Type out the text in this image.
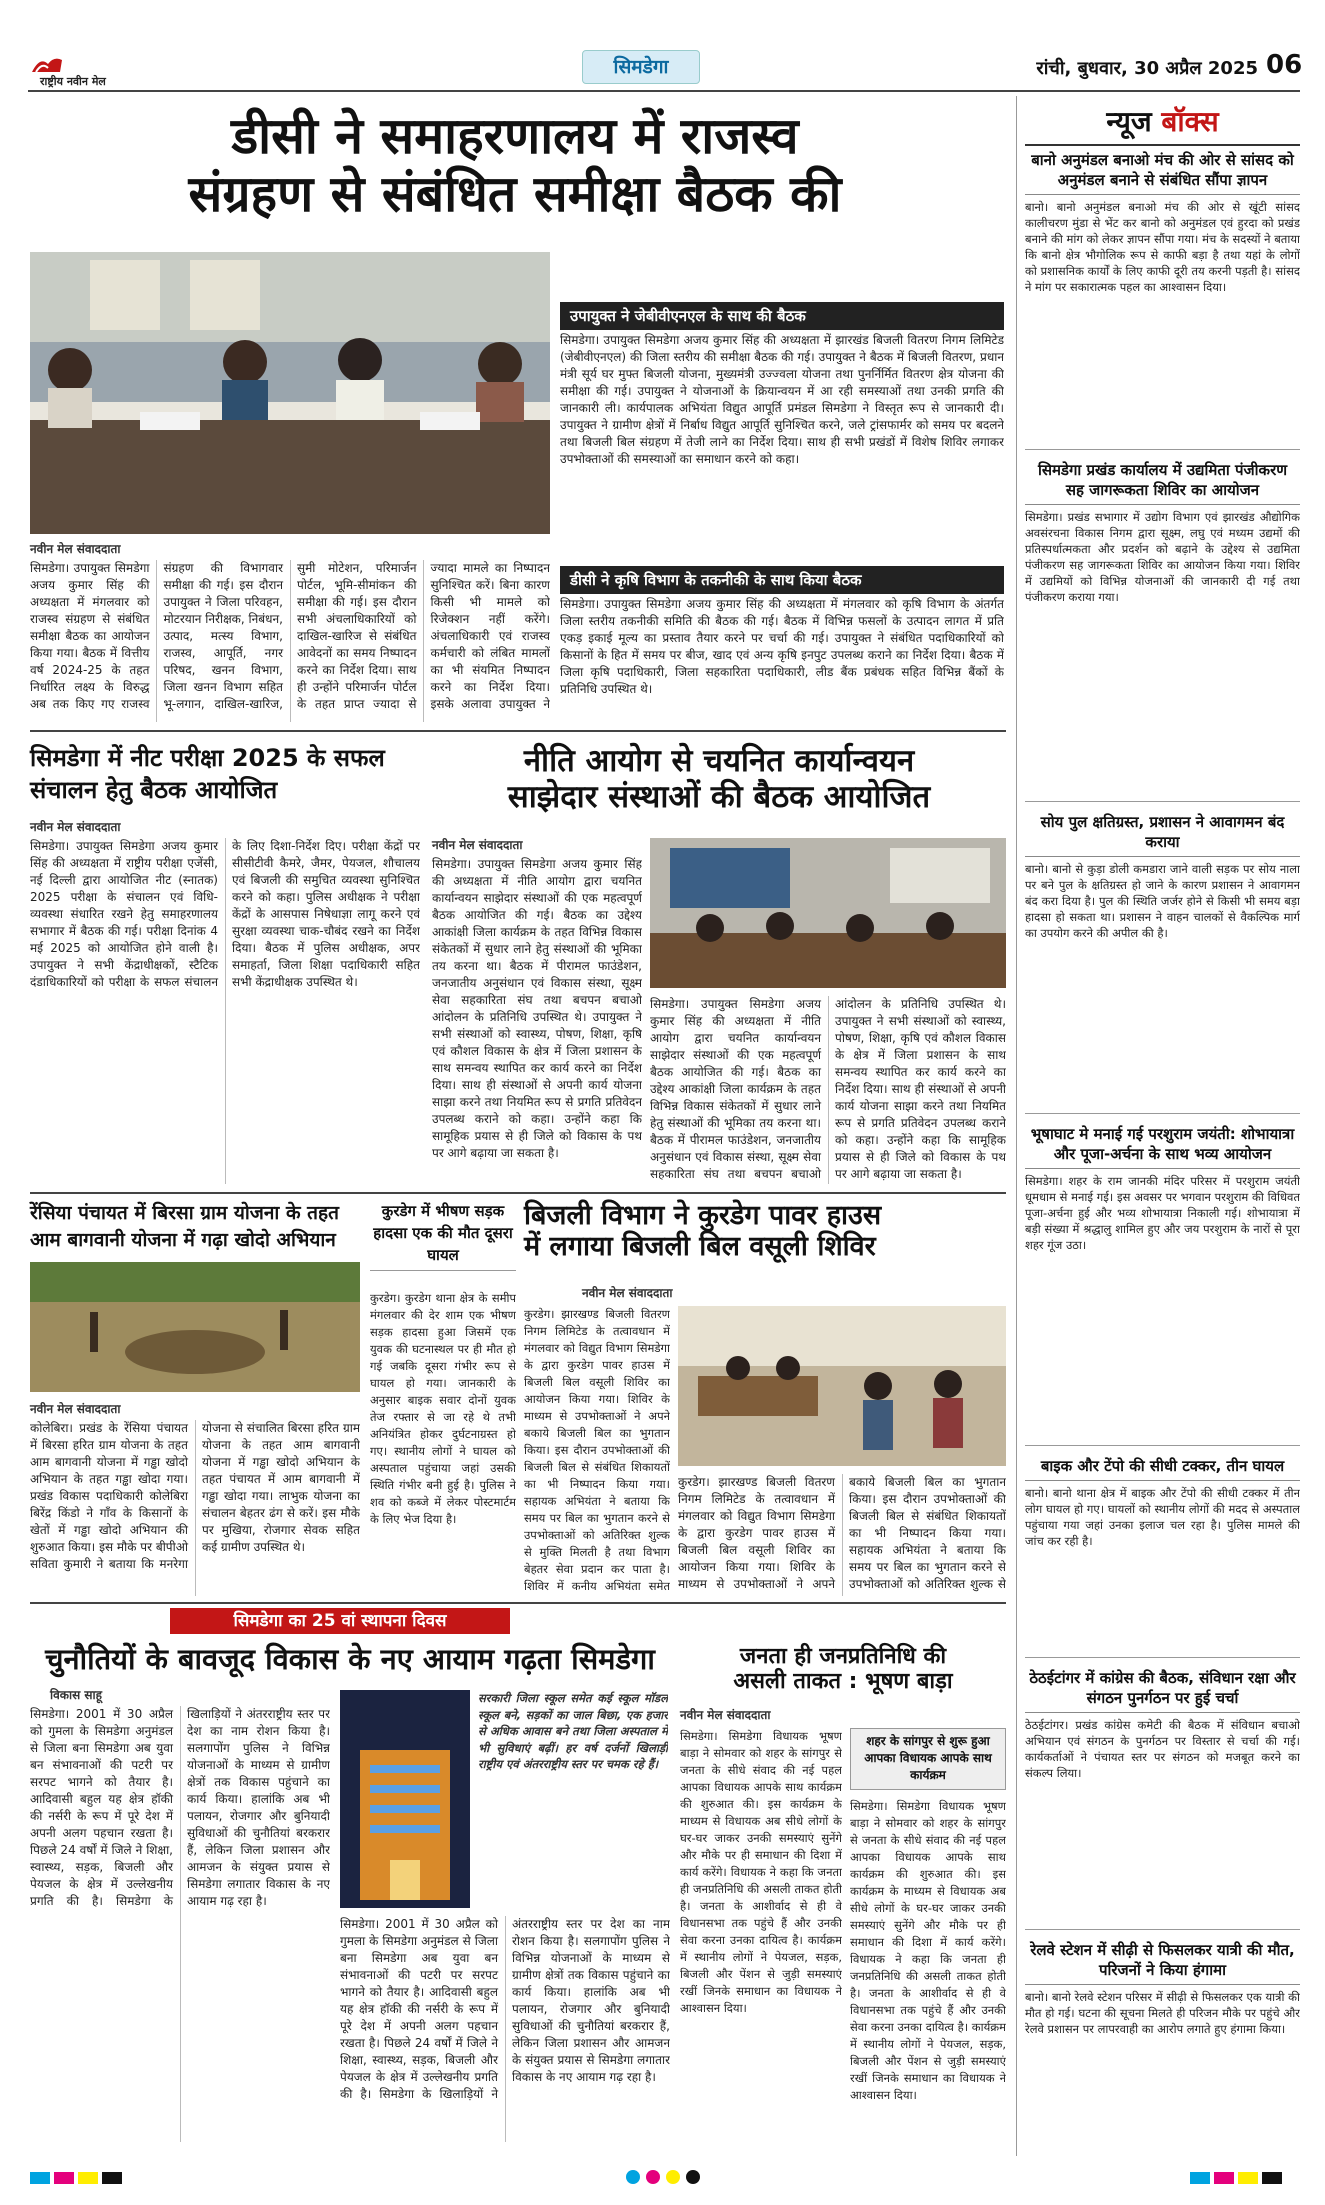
राष्ट्रीय नवीन मेल
सिमडेगा	रांची, बुधवार, 30 अप्रैल 2025 06
डीसी ने समाहरणालय में राजस्व
संग्रहण से संबंधित समीक्षा बैठक की
नवीन मेल संवाददाता
सिमडेगा। उपायुक्त सिमडेगा अजय कुमार सिंह की अध्यक्षता में मंगलवार को राजस्व संग्रहण से संबंधित समीक्षा बैठक का आयोजन किया गया। बैठक में वित्तीय वर्ष 2024-25 के तहत निर्धारित लक्ष्य के विरुद्ध अब तक किए गए राजस्व संग्रहण की विभागवार समीक्षा की गई। इस दौरान उपायुक्त ने जिला परिवहन, मोटरयान निरीक्षक, निबंधन, उत्पाद, मत्स्य विभाग, राजस्व, आपूर्ति, नगर परिषद, खनन विभाग, जिला खनन विभाग सहित भू-लगान, दाखिल-खारिज, सुमी मोटेशन, परिमार्जन पोर्टल, भूमि-सीमांकन की समीक्षा की गई। इस दौरान सभी अंचलाधिकारियों को दाखिल-खारिज से संबंधित आवेदनों का समय निष्पादन करने का निर्देश दिया। साथ ही उन्होंने परिमार्जन पोर्टल के तहत प्राप्त ज्यादा से ज्यादा मामले का निष्पादन सुनिश्चित करें। बिना कारण किसी भी मामले को रिजेक्शन नहीं करेंगे। अंचलाधिकारी एवं राजस्व कर्मचारी को लंबित मामलों का भी संयमित निष्पादन करने का निर्देश दिया। इसके अलावा उपायुक्त ने
उपायुक्त ने जेबीवीएनएल के साथ की बैठक
सिमडेगा। उपायुक्त सिमडेगा अजय कुमार सिंह की अध्यक्षता में झारखंड बिजली वितरण निगम लिमिटेड (जेबीवीएनएल) की जिला स्तरीय की समीक्षा बैठक की गई। उपायुक्त ने बैठक में बिजली वितरण, प्रधान मंत्री सूर्य घर मुफ्त बिजली योजना, मुख्यमंत्री उज्ज्वला योजना तथा पुनर्निर्मित वितरण क्षेत्र योजना की समीक्षा की गई। उपायुक्त ने योजनाओं के क्रियान्वयन में आ रही समस्याओं तथा उनकी प्रगति की जानकारी ली। कार्यपालक अभियंता विद्युत आपूर्ति प्रमंडल सिमडेगा ने विस्तृत रूप से जानकारी दी। उपायुक्त ने ग्रामीण क्षेत्रों में निर्बाध विद्युत आपूर्ति सुनिश्चित करने, जले ट्रांसफार्मर को समय पर बदलने तथा बिजली बिल संग्रहण में तेजी लाने का निर्देश दिया। साथ ही सभी प्रखंडों में विशेष शिविर लगाकर उपभोक्ताओं की समस्याओं का समाधान करने को कहा।
डीसी ने कृषि विभाग के तकनीकी के साथ किया बैठक
सिमडेगा। उपायुक्त सिमडेगा अजय कुमार सिंह की अध्यक्षता में मंगलवार को कृषि विभाग के अंतर्गत जिला स्तरीय तकनीकी समिति की बैठक की गई। बैठक में विभिन्न फसलों के उत्पादन लागत में प्रति एकड़ इकाई मूल्य का प्रस्ताव तैयार करने पर चर्चा की गई। उपायुक्त ने संबंधित पदाधिकारियों को किसानों के हित में समय पर बीज, खाद एवं अन्य कृषि इनपुट उपलब्ध कराने का निर्देश दिया। बैठक में जिला कृषि पदाधिकारी, जिला सहकारिता पदाधिकारी, लीड बैंक प्रबंधक सहित विभिन्न बैंकों के प्रतिनिधि उपस्थित थे।
सिमडेगा में नीट परीक्षा 2025 के सफल संचालन हेतु बैठक आयोजित
नवीन मेल संवाददाता
सिमडेगा। उपायुक्त सिमडेगा अजय कुमार सिंह की अध्यक्षता में राष्ट्रीय परीक्षा एजेंसी, नई दिल्ली द्वारा आयोजित नीट (स्नातक) 2025 परीक्षा के संचालन एवं विधि-व्यवस्था संधारित रखने हेतु समाहरणालय सभागार में बैठक की गई। परीक्षा दिनांक 4 मई 2025 को आयोजित होने वाली है। उपायुक्त ने सभी केंद्राधीक्षकों, स्टैटिक दंडाधिकारियों को परीक्षा के सफल संचालन के लिए दिशा-निर्देश दिए। परीक्षा केंद्रों पर सीसीटीवी कैमरे, जैमर, पेयजल, शौचालय एवं बिजली की समुचित व्यवस्था सुनिश्चित करने को कहा। पुलिस अधीक्षक ने परीक्षा केंद्रों के आसपास निषेधाज्ञा लागू करने एवं सुरक्षा व्यवस्था चाक-चौबंद रखने का निर्देश दिया। बैठक में पुलिस अधीक्षक, अपर समाहर्ता, जिला शिक्षा पदाधिकारी सहित सभी केंद्राधीक्षक उपस्थित थे।
नीति आयोग से चयनित कार्यान्वयन
साझेदार संस्थाओं की बैठक आयोजित
नवीन मेल संवाददाता
सिमडेगा। उपायुक्त सिमडेगा अजय कुमार सिंह की अध्यक्षता में नीति आयोग द्वारा चयनित कार्यान्वयन साझेदार संस्थाओं की एक महत्वपूर्ण बैठक आयोजित की गई। बैठक का उद्देश्य आकांक्षी जिला कार्यक्रम के तहत विभिन्न विकास संकेतकों में सुधार लाने हेतु संस्थाओं की भूमिका तय करना था। बैठक में पीरामल फाउंडेशन, जनजातीय अनुसंधान एवं विकास संस्था, सूक्ष्म सेवा सहकारिता संघ तथा बचपन बचाओ आंदोलन के प्रतिनिधि उपस्थित थे। उपायुक्त ने सभी संस्थाओं को स्वास्थ्य, पोषण, शिक्षा, कृषि एवं कौशल विकास के क्षेत्र में जिला प्रशासन के साथ समन्वय स्थापित कर कार्य करने का निर्देश दिया। साथ ही संस्थाओं से अपनी कार्य योजना साझा करने तथा नियमित रूप से प्रगति प्रतिवेदन उपलब्ध कराने को कहा। उन्होंने कहा कि सामूहिक प्रयास से ही जिले को विकास के पथ पर आगे बढ़ाया जा सकता है।
सिमडेगा। उपायुक्त सिमडेगा अजय कुमार सिंह की अध्यक्षता में नीति आयोग द्वारा चयनित कार्यान्वयन साझेदार संस्थाओं की एक महत्वपूर्ण बैठक आयोजित की गई। बैठक का उद्देश्य आकांक्षी जिला कार्यक्रम के तहत विभिन्न विकास संकेतकों में सुधार लाने हेतु संस्थाओं की भूमिका तय करना था। बैठक में पीरामल फाउंडेशन, जनजातीय अनुसंधान एवं विकास संस्था, सूक्ष्म सेवा सहकारिता संघ तथा बचपन बचाओ आंदोलन के प्रतिनिधि उपस्थित थे। उपायुक्त ने सभी संस्थाओं को स्वास्थ्य, पोषण, शिक्षा, कृषि एवं कौशल विकास के क्षेत्र में जिला प्रशासन के साथ समन्वय स्थापित कर कार्य करने का निर्देश दिया। साथ ही संस्थाओं से अपनी कार्य योजना साझा करने तथा नियमित रूप से प्रगति प्रतिवेदन उपलब्ध कराने को कहा। उन्होंने कहा कि सामूहिक प्रयास से ही जिले को विकास के पथ पर आगे बढ़ाया जा सकता है।
रेंसिया पंचायत में बिरसा ग्राम योजना के तहत आम बागवानी योजना में गढ़ा खोदो अभियान
नवीन मेल संवाददाता
कोलेबिरा। प्रखंड के रेंसिया पंचायत में बिरसा हरित ग्राम योजना के तहत आम बागवानी योजना में गड्ढा खोदो अभियान के तहत गड्ढा खोदा गया। प्रखंड विकास पदाधिकारी कोलेबिरा बिरेंद्र किंडो ने गाँव के किसानों के खेतों में गड्ढा खोदो अभियान की शुरुआत किया। इस मौके पर बीपीओ सविता कुमारी ने बताया कि मनरेगा योजना से संचालित बिरसा हरित ग्राम योजना के तहत आम बागवानी योजना में गड्ढा खोदो अभियान के तहत पंचायत में आम बागवानी में गड्ढा खोदा गया। लाभुक योजना का संचालन बेहतर ढंग से करें। इस मौके पर मुखिया, रोजगार सेवक सहित कई ग्रामीण उपस्थित थे।
कुरडेग में भीषण सड़क हादसा एक की मौत दूसरा घायल
कुरडेग। कुरडेग थाना क्षेत्र के समीप मंगलवार की देर शाम एक भीषण सड़क हादसा हुआ जिसमें एक युवक की घटनास्थल पर ही मौत हो गई जबकि दूसरा गंभीर रूप से घायल हो गया। जानकारी के अनुसार बाइक सवार दोनों युवक तेज रफ्तार से जा रहे थे तभी अनियंत्रित होकर दुर्घटनाग्रस्त हो गए। स्थानीय लोगों ने घायल को अस्पताल पहुंचाया जहां उसकी स्थिति गंभीर बनी हुई है। पुलिस ने शव को कब्जे में लेकर पोस्टमार्टम के लिए भेज दिया है।
बिजली विभाग ने कुरडेग पावर हाउस
में लगाया बिजली बिल वसूली शिविर
नवीन मेल संवाददाता
कुरडेग। झारखण्ड बिजली वितरण निगम लिमिटेड के तत्वावधान में मंगलवार को विद्युत विभाग सिमडेगा के द्वारा कुरडेग पावर हाउस में बिजली बिल वसूली शिविर का आयोजन किया गया। शिविर के माध्यम से उपभोक्ताओं ने अपने बकाये बिजली बिल का भुगतान किया। इस दौरान उपभोक्ताओं की बिजली बिल से संबंधित शिकायतों का भी निष्पादन किया गया। सहायक अभियंता ने बताया कि समय पर बिल का भुगतान करने से उपभोक्ताओं को अतिरिक्त शुल्क से मुक्ति मिलती है तथा विभाग बेहतर सेवा प्रदान कर पाता है। शिविर में कनीय अभियंता समेत
कुरडेग। झारखण्ड बिजली वितरण निगम लिमिटेड के तत्वावधान में मंगलवार को विद्युत विभाग सिमडेगा के द्वारा कुरडेग पावर हाउस में बिजली बिल वसूली शिविर का आयोजन किया गया। शिविर के माध्यम से उपभोक्ताओं ने अपने बकाये बिजली बिल का भुगतान किया। इस दौरान उपभोक्ताओं की बिजली बिल से संबंधित शिकायतों का भी निष्पादन किया गया। सहायक अभियंता ने बताया कि समय पर बिल का भुगतान करने से उपभोक्ताओं को अतिरिक्त शुल्क से
सिमडेगा का 25 वां स्थापना दिवस
चुनौतियों के बावजूद विकास के नए आयाम गढ़ता सिमडेगा
विकास साहू
सिमडेगा। 2001 में 30 अप्रैल को गुमला के सिमडेगा अनुमंडल से जिला बना सिमडेगा अब युवा बन संभावनाओं की पटरी पर सरपट भागने को तैयार है। आदिवासी बहुल यह क्षेत्र हॉकी की नर्सरी के रूप में पूरे देश में अपनी अलग पहचान रखता है। पिछले 24 वर्षों में जिले ने शिक्षा, स्वास्थ्य, सड़क, बिजली और पेयजल के क्षेत्र में उल्लेखनीय प्रगति की है। सिमडेगा के खिलाड़ियों ने अंतरराष्ट्रीय स्तर पर देश का नाम रोशन किया है। सलगापोंग पुलिस ने विभिन्न योजनाओं के माध्यम से ग्रामीण क्षेत्रों तक विकास पहुंचाने का कार्य किया। हालांकि अब भी पलायन, रोजगार और बुनियादी सुविधाओं की चुनौतियां बरकरार हैं, लेकिन जिला प्रशासन और आमजन के संयुक्त प्रयास से सिमडेगा लगातार विकास के नए आयाम गढ़ रहा है।
सरकारी जिला स्कूल समेत कई स्कूल मॉडल स्कूल बने, सड़कों का जाल बिछा, एक हजार से अधिक आवास बने तथा जिला अस्पताल में भी सुविधाएं बढ़ीं। हर वर्ष दर्जनों खिलाड़ी राष्ट्रीय एवं अंतरराष्ट्रीय स्तर पर चमक रहे हैं।
सिमडेगा। 2001 में 30 अप्रैल को गुमला के सिमडेगा अनुमंडल से जिला बना सिमडेगा अब युवा बन संभावनाओं की पटरी पर सरपट भागने को तैयार है। आदिवासी बहुल यह क्षेत्र हॉकी की नर्सरी के रूप में पूरे देश में अपनी अलग पहचान रखता है। पिछले 24 वर्षों में जिले ने शिक्षा, स्वास्थ्य, सड़क, बिजली और पेयजल के क्षेत्र में उल्लेखनीय प्रगति की है। सिमडेगा के खिलाड़ियों ने अंतरराष्ट्रीय स्तर पर देश का नाम रोशन किया है। सलगापोंग पुलिस ने विभिन्न योजनाओं के माध्यम से ग्रामीण क्षेत्रों तक विकास पहुंचाने का कार्य किया। हालांकि अब भी पलायन, रोजगार और बुनियादी सुविधाओं की चुनौतियां बरकरार हैं, लेकिन जिला प्रशासन और आमजन के संयुक्त प्रयास से सिमडेगा लगातार विकास के नए आयाम गढ़ रहा है।
जनता ही जनप्रतिनिधि की
असली ताकत : भूषण बाड़ा
नवीन मेल संवाददाता
शहर के सांगपुर से शुरू हुआ आपका विधायक आपके साथ कार्यक्रम
सिमडेगा। सिमडेगा विधायक भूषण बाड़ा ने सोमवार को शहर के सांगपुर से जनता के सीधे संवाद की नई पहल आपका विधायक आपके साथ कार्यक्रम की शुरुआत की। इस कार्यक्रम के माध्यम से विधायक अब सीधे लोगों के घर-घर जाकर उनकी समस्याएं सुनेंगे और मौके पर ही समाधान की दिशा में कार्य करेंगे। विधायक ने कहा कि जनता ही जनप्रतिनिधि की असली ताकत होती है। जनता के आशीर्वाद से ही वे विधानसभा तक पहुंचे हैं और उनकी सेवा करना उनका दायित्व है। कार्यक्रम में स्थानीय लोगों ने पेयजल, सड़क, बिजली और पेंशन से जुड़ी समस्याएं रखीं जिनके समाधान का विधायक ने आश्वासन दिया।
सिमडेगा। सिमडेगा विधायक भूषण बाड़ा ने सोमवार को शहर के सांगपुर से जनता के सीधे संवाद की नई पहल आपका विधायक आपके साथ कार्यक्रम की शुरुआत की। इस कार्यक्रम के माध्यम से विधायक अब सीधे लोगों के घर-घर जाकर उनकी समस्याएं सुनेंगे और मौके पर ही समाधान की दिशा में कार्य करेंगे। विधायक ने कहा कि जनता ही जनप्रतिनिधि की असली ताकत होती है। जनता के आशीर्वाद से ही वे विधानसभा तक पहुंचे हैं और उनकी सेवा करना उनका दायित्व है। कार्यक्रम में स्थानीय लोगों ने पेयजल, सड़क, बिजली और पेंशन से जुड़ी समस्याएं रखीं जिनके समाधान का विधायक ने आश्वासन दिया।
न्यूज बॉक्स
बानो अनुमंडल बनाओ मंच की ओर से सांसद को अनुमंडल बनाने से संबंधित सौंपा ज्ञापन
बानो। बानो अनुमंडल बनाओ मंच की ओर से खूंटी सांसद कालीचरण मुंडा से भेंट कर बानो को अनुमंडल एवं हुरदा को प्रखंड बनाने की मांग को लेकर ज्ञापन सौंपा गया। मंच के सदस्यों ने बताया कि बानो क्षेत्र भौगोलिक रूप से काफी बड़ा है तथा यहां के लोगों को प्रशासनिक कार्यों के लिए काफी दूरी तय करनी पड़ती है। सांसद ने मांग पर सकारात्मक पहल का आश्वासन दिया।
सिमडेगा प्रखंड कार्यालय में उद्यमिता पंजीकरण सह जागरूकता शिविर का आयोजन
सिमडेगा। प्रखंड सभागार में उद्योग विभाग एवं झारखंड औद्योगिक अवसंरचना विकास निगम द्वारा सूक्ष्म, लघु एवं मध्यम उद्यमों की प्रतिस्पर्धात्मकता और प्रदर्शन को बढ़ाने के उद्देश्य से उद्यमिता पंजीकरण सह जागरूकता शिविर का आयोजन किया गया। शिविर में उद्यमियों को विभिन्न योजनाओं की जानकारी दी गई तथा पंजीकरण कराया गया।
सोय पुल क्षतिग्रस्त, प्रशासन ने आवागमन बंद कराया
बानो। बानो से कुड़ा डोली कमडारा जाने वाली सड़क पर सोय नाला पर बने पुल के क्षतिग्रस्त हो जाने के कारण प्रशासन ने आवागमन बंद करा दिया है। पुल की स्थिति जर्जर होने से किसी भी समय बड़ा हादसा हो सकता था। प्रशासन ने वाहन चालकों से वैकल्पिक मार्ग का उपयोग करने की अपील की है।
भूषाघाट मे मनाई गई परशुराम जयंती: शोभायात्रा और पूजा-अर्चना के साथ भव्य आयोजन
सिमडेगा। शहर के राम जानकी मंदिर परिसर में परशुराम जयंती धूमधाम से मनाई गई। इस अवसर पर भगवान परशुराम की विधिवत पूजा-अर्चना हुई और भव्य शोभायात्रा निकाली गई। शोभायात्रा में बड़ी संख्या में श्रद्धालु शामिल हुए और जय परशुराम के नारों से पूरा शहर गूंज उठा।
बाइक और टेंपो की सीधी टक्कर, तीन घायल
बानो। बानो थाना क्षेत्र में बाइक और टेंपो की सीधी टक्कर में तीन लोग घायल हो गए। घायलों को स्थानीय लोगों की मदद से अस्पताल पहुंचाया गया जहां उनका इलाज चल रहा है। पुलिस मामले की जांच कर रही है।
ठेठईटांगर में कांग्रेस की बैठक, संविधान रक्षा और संगठन पुनर्गठन पर हुई चर्चा
ठेठईटांगर। प्रखंड कांग्रेस कमेटी की बैठक में संविधान बचाओ अभियान एवं संगठन के पुनर्गठन पर विस्तार से चर्चा की गई। कार्यकर्ताओं ने पंचायत स्तर पर संगठन को मजबूत करने का संकल्प लिया।
रेलवे स्टेशन में सीढ़ी से फिसलकर यात्री की मौत, परिजनों ने किया हंगामा
बानो। बानो रेलवे स्टेशन परिसर में सीढ़ी से फिसलकर एक यात्री की मौत हो गई। घटना की सूचना मिलते ही परिजन मौके पर पहुंचे और रेलवे प्रशासन पर लापरवाही का आरोप लगाते हुए हंगामा किया।
